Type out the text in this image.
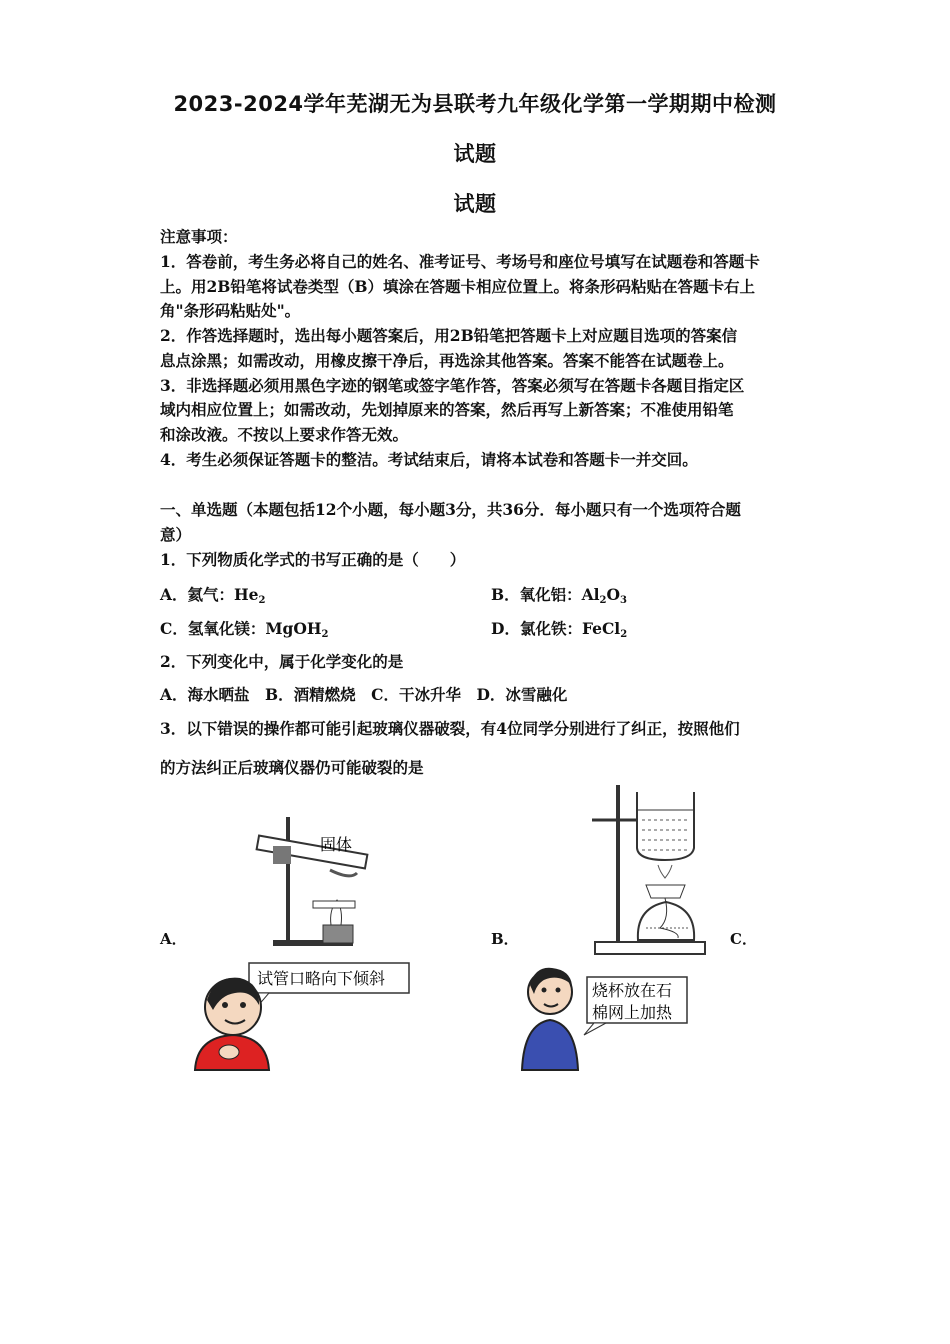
2023-2024学年芜湖无为县联考九年级化学第一学期期中检测
试题
试题
注意事项：
1．答卷前，考生务必将自己的姓名、准考证号、考场号和座位号填写在试题卷和答题卡
上。用2B铅笔将试卷类型（B）填涂在答题卡相应位置上。将条形码粘贴在答题卡右上
角"条形码粘贴处"。
2．作答选择题时，选出每小题答案后，用2B铅笔把答题卡上对应题目选项的答案信
息点涂黑；如需改动，用橡皮擦干净后，再选涂其他答案。答案不能答在试题卷上。
3．非选择题必须用黑色字迹的钢笔或签字笔作答，答案必须写在答题卡各题目指定区
域内相应位置上；如需改动，先划掉原来的答案，然后再写上新答案；不准使用铅笔
和涂改液。不按以上要求作答无效。
4．考生必须保证答题卡的整洁。考试结束后，请将本试卷和答题卡一并交回。
一、单选题（本题包括12个小题，每小题3分，共36分．每小题只有一个选项符合题
意）
1．下列物质化学式的书写正确的是（　　）
A．氦气：$He_2$	B．氧化铝：$Al_2O_3$
C．氢氧化镁：MgOH$_2$	D．氯化铁：FeCl$_2$
2．下列变化中，属于化学变化的是
A．海水晒盐　B．酒精燃烧　C．干冰升华　D．冰雪融化
3．以下错误的操作都可能引起玻璃仪器破裂，有4位同学分别进行了纠正，按照他们
的方法纠正后玻璃仪器仍可能破裂的是
A．	B．	C．
固体
试管口略向下倾斜
烧杯放在石
棉网上加热
